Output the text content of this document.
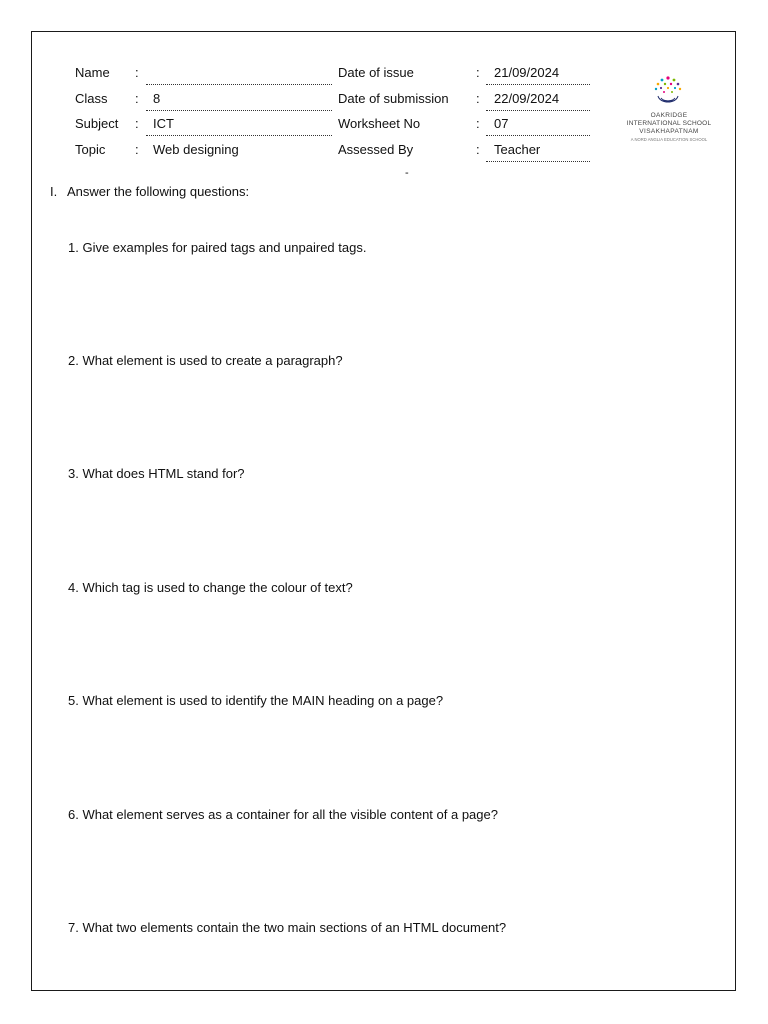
Name :
Class : 8
Subject : ICT
Topic : Web designing
Date of issue	: 21/09/2024
Date of submission : 22/09/2024
Worksheet No	: 07
Assessed By	: Teacher
-
OAKRIDGE
INTERNATIONAL SCHOOL
VISAKHAPATNAM
A NORD ANGLIA EDUCATION SCHOOL
I. Answer the following questions:
1. Give examples for paired tags and unpaired tags.
2. What element is used to create a paragraph?
3. What does HTML stand for?
4. Which tag is used to change the colour of text?
5. What element is used to identify the MAIN heading on a page?
6. What element serves as a container for all the visible content of a page?
7. What two elements contain the two main sections of an HTML document?
